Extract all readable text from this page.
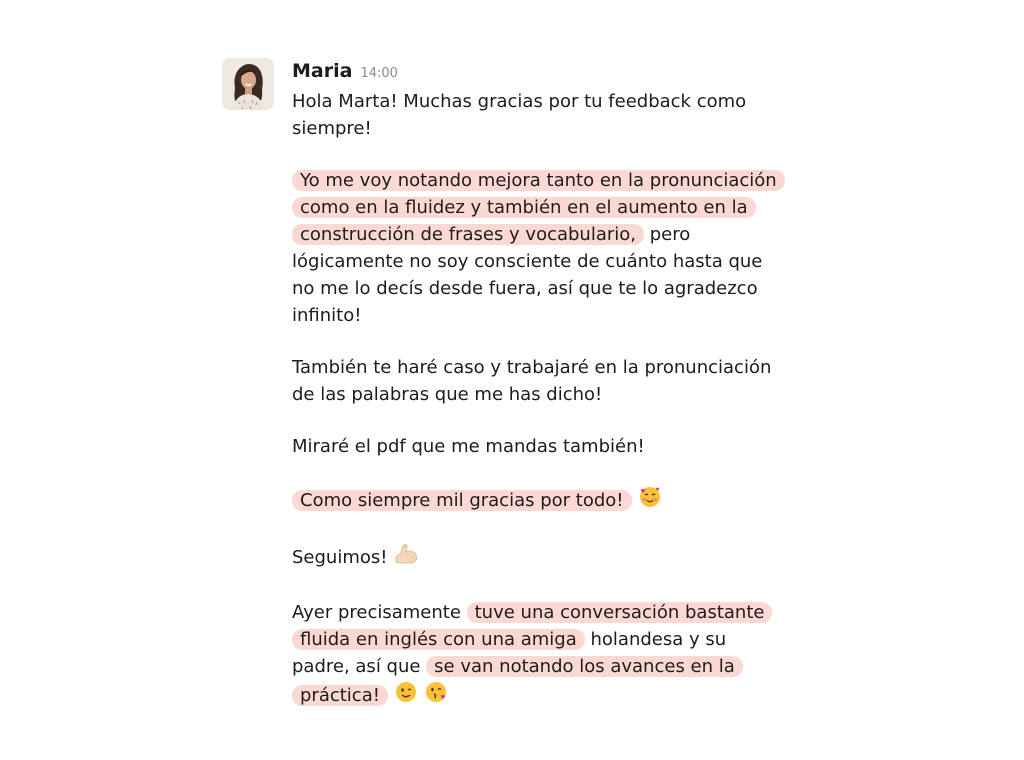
Maria 14:00

Hola Marta! Muchas gracias por tu feedback como siempre!

Yo me voy notando mejora tanto en la pronunciación como en la fluidez y también en el aumento en la construcción de frases y vocabulario, pero lógicamente no soy consciente de cuánto hasta que no me lo decís desde fuera, así que te lo agradezco infinito!

También te haré caso y trabajaré en la pronunciación de las palabras que me has dicho!

Miraré el pdf que me mandas también!

Como siempre mil gracias por todo!

Seguimos!

Ayer precisamente tuve una conversación bastante fluida en inglés con una amiga holandesa y su padre, así que se van notando los avances en la práctica!
